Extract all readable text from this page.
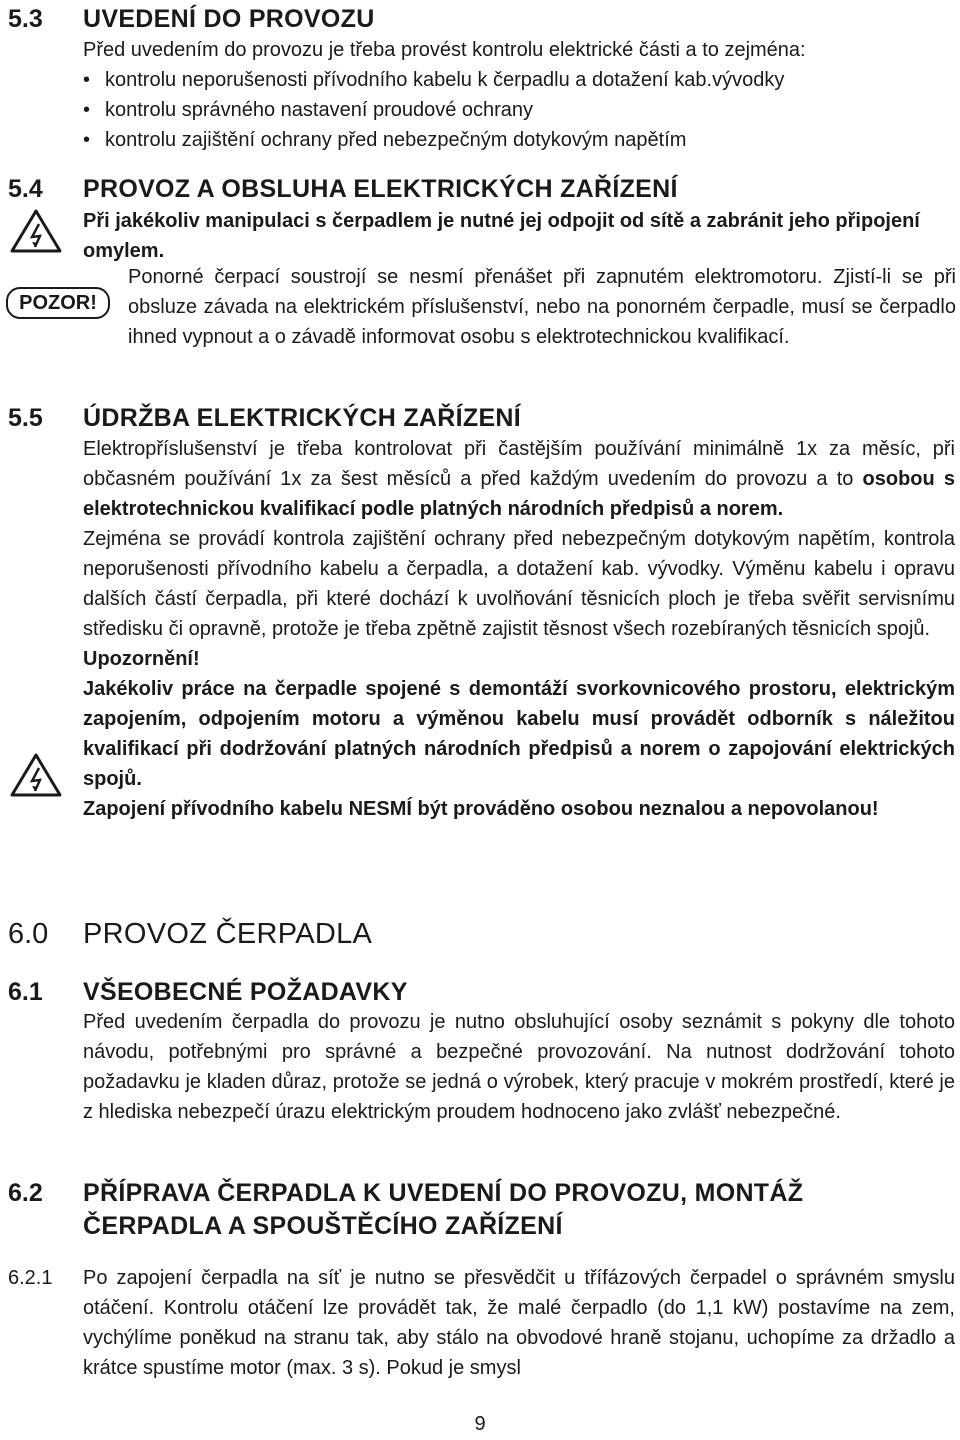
5.3 UVEDENÍ DO PROVOZU
Před uvedením do provozu je třeba provést kontrolu elektrické části a to zejména:
• kontrolu neporušenosti přívodního kabelu k čerpadlu a dotažení kab.vývodky
• kontrolu správného nastavení proudové ochrany
• kontrolu zajištění ochrany před nebezpečným dotykovým napětím
5.4 PROVOZ A OBSLUHA ELEKTRICKÝCH ZAŘÍZENÍ
Při jakékoliv manipulaci s čerpadlem je nutné jej odpojit od sítě a zabránit jeho připojení omylem.
POZOR!
Ponorné čerpací soustrojí se nesmí přenášet při zapnutém elektromotoru. Zjistí-li se při obsluze závada na elektrickém příslušenství, nebo na ponorném čerpadle, musí se čerpadlo ihned vypnout a o závadě informovat osobu s elektrotechnickou kvalifikací.
5.5 ÚDRŽBA ELEKTRICKÝCH ZAŘÍZENÍ
Elektropříslušenství je třeba kontrolovat při častějším používání minimálně 1x za měsíc, při občasném používání 1x za šest měsíců a před každým uvedením do provozu a to osobou s elektrotechnickou kvalifikací podle platných národních předpisů a norem.
Zejména se provádí kontrola zajištění ochrany před nebezpečným dotykovým napětím, kontrola neporušenosti přívodního kabelu a čerpadla, a dotažení kab. vývodky. Výměnu kabelu i opravu dalších částí čerpadla, při které dochází k uvolňování těsnicích ploch je třeba svěřit servisnímu středisku či opravně, protože je třeba zpětně zajistit těsnost všech rozebíraných těsnicích spojů.
Upozornění!
Jakékoliv práce na čerpadle spojené s demontáží svorkovnicového prostoru, elektrickým zapojením, odpojením motoru a výměnou kabelu musí provádět odborník s náležitou kvalifikací při dodržování platných národních předpisů a norem o zapojování elektrických spojů.
Zapojení přívodního kabelu NESMÍ být prováděno osobou neznalou a nepovolanou!
6.0 PROVOZ ČERPADLA
6.1 VŠEOBECNÉ POŽADAVKY
Před uvedením čerpadla do provozu je nutno obsluhující osoby seznámit s pokyny dle tohoto návodu, potřebnými pro správné a bezpečné provozování. Na nutnost dodržování tohoto požadavku je kladen důraz, protože se jedná o výrobek, který pracuje v mokrém prostředí, které je z hlediska nebezpečí úrazu elektrickým proudem hodnoceno jako zvlášť nebezpečné.
6.2 PŘÍPRAVA ČERPADLA K UVEDENÍ DO PROVOZU, MONTÁŽ
ČERPADLA A SPOUŠTĚCÍHO ZAŘÍZENÍ
6.2.1 Po zapojení čerpadla na síť je nutno se přesvědčit u třífázových čerpadel o správném smyslu otáčení. Kontrolu otáčení lze provádět tak, že malé čerpadlo (do 1,1 kW) postavíme na zem, vychýlíme poněkud na stranu tak, aby stálo na obvodové hraně stojanu, uchopíme za držadlo a krátce spustíme motor (max. 3 s). Pokud je smysl
9
